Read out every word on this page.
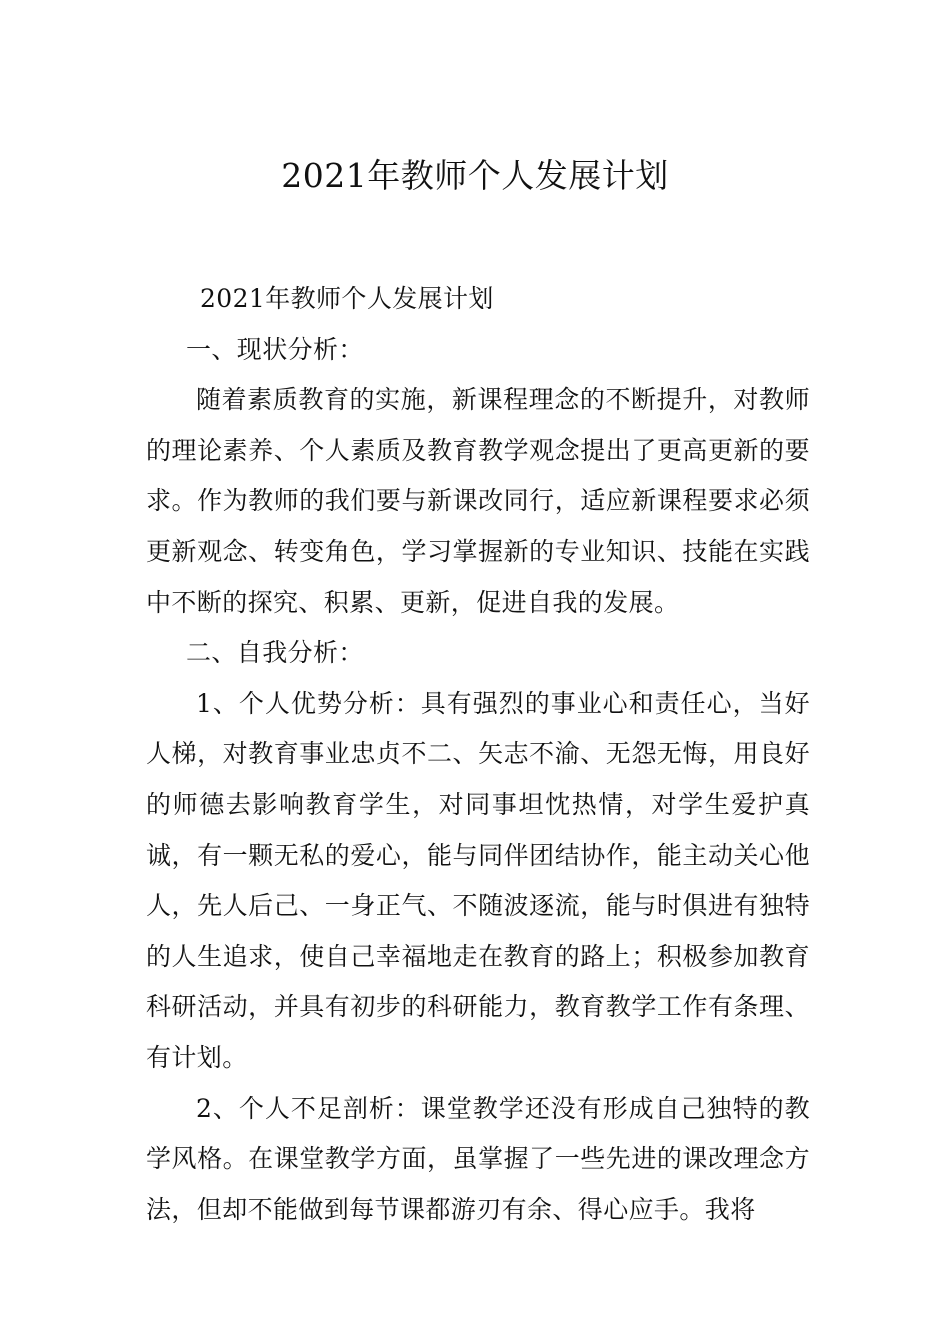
2021年教师个人发展计划

2021年教师个人发展计划

一、现状分析：

随着素质教育的实施，新课程理念的不断提升，对教师的理论素养、个人素质及教育教学观念提出了更高更新的要求。作为教师的我们要与新课改同行，适应新课程要求必须更新观念、转变角色，学习掌握新的专业知识、技能在实践中不断的探究、积累、更新，促进自我的发展。

二、自我分析：

1、个人优势分析：具有强烈的事业心和责任心，当好人梯，对教育事业忠贞不二、矢志不渝、无怨无悔，用良好的师德去影响教育学生，对同事坦忱热情，对学生爱护真诚，有一颗无私的爱心，能与同伴团结协作，能主动关心他人，先人后己、一身正气、不随波逐流，能与时俱进有独特的人生追求，使自己幸福地走在教育的路上；积极参加教育科研活动，并具有初步的科研能力，教育教学工作有条理、有计划。

2、个人不足剖析：课堂教学还没有形成自己独特的教学风格。在课堂教学方面，虽掌握了一些先进的课改理念方法，但却不能做到每节课都游刃有余、得心应手。我将
